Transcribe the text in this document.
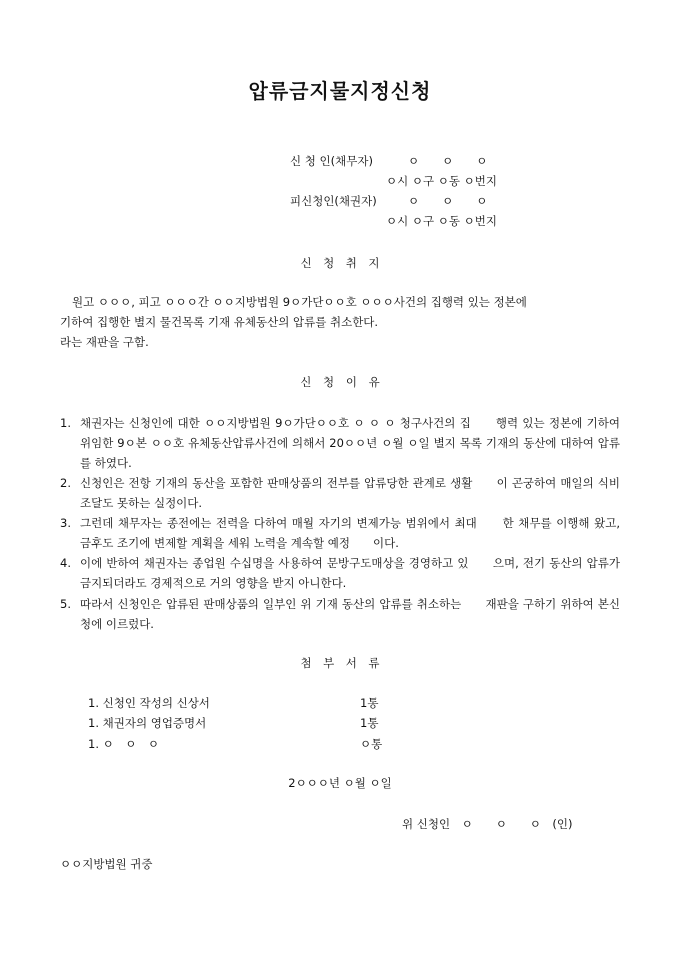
압류금지물지정신청
신 청 인(채무자)	ㅇ　　ㅇ　　ㅇ
ㅇ시 ㅇ구 ㅇ동 ㅇ번지
피신청인(채권자)	ㅇ　　ㅇ　　ㅇ
ㅇ시 ㅇ구 ㅇ동 ㅇ번지
신　청　취　지
원고 ㅇㅇㅇ, 피고 ㅇㅇㅇ간 ㅇㅇ지방법원 9ㅇ가단ㅇㅇ호 ㅇㅇㅇ사건의 집행력 있는 정본에
기하여 집행한 별지 물건목록 기재 유체동산의 압류를 취소한다.
라는 재판을 구함.
신 청 이 유
1. 채권자는 신청인에 대한 ㅇㅇ지방법원 9ㅇ가단ㅇㅇ호 ㅇ ㅇ ㅇ 청구사건의 집　　행력 있는 정본에 기하여 위임한 9ㅇ본 ㅇㅇ호 유체동산압류사건에 의해서 20ㅇㅇ년 ㅇ월 ㅇ일 별지 목록 기재의 동산에 대하여 압류를 하였다.
2. 신청인은 전항 기재의 동산을 포함한 판매상품의 전부를 압류당한 관계로 생활　　이 곤궁하여 매일의 식비조달도 못하는 실정이다.
3. 그런데 채무자는 종전에는 전력을 다하여 매월 자기의 변제가능 범위에서 최대　　한 채무를 이행해 왔고, 금후도 조기에 변제할 계획을 세워 노력을 계속할 예정　　이다.
4. 이에 반하여 채권자는 종업원 수십명을 사용하여 문방구도매상을 경영하고 있　　으며, 전기 동산의 압류가 금지되더라도 경제적으로 거의 영향을 받지 아니한다.
5. 따라서 신청인은 압류된 판매상품의 일부인 위 기재 동산의 압류를 취소하는　　재판을 구하기 위하여 본신청에 이르렀다.
첨　부　서　류
1. 신청인 작성의 신상서	1통
1. 채권자의 영업증명서	1통
1. ㅇ　ㅇ　ㅇ	ㅇ통
2ㅇㅇㅇ년 ㅇ월 ㅇ일
위 신청인　ㅇ　　ㅇ　　ㅇ　(인)
ㅇㅇ지방법원 귀중
